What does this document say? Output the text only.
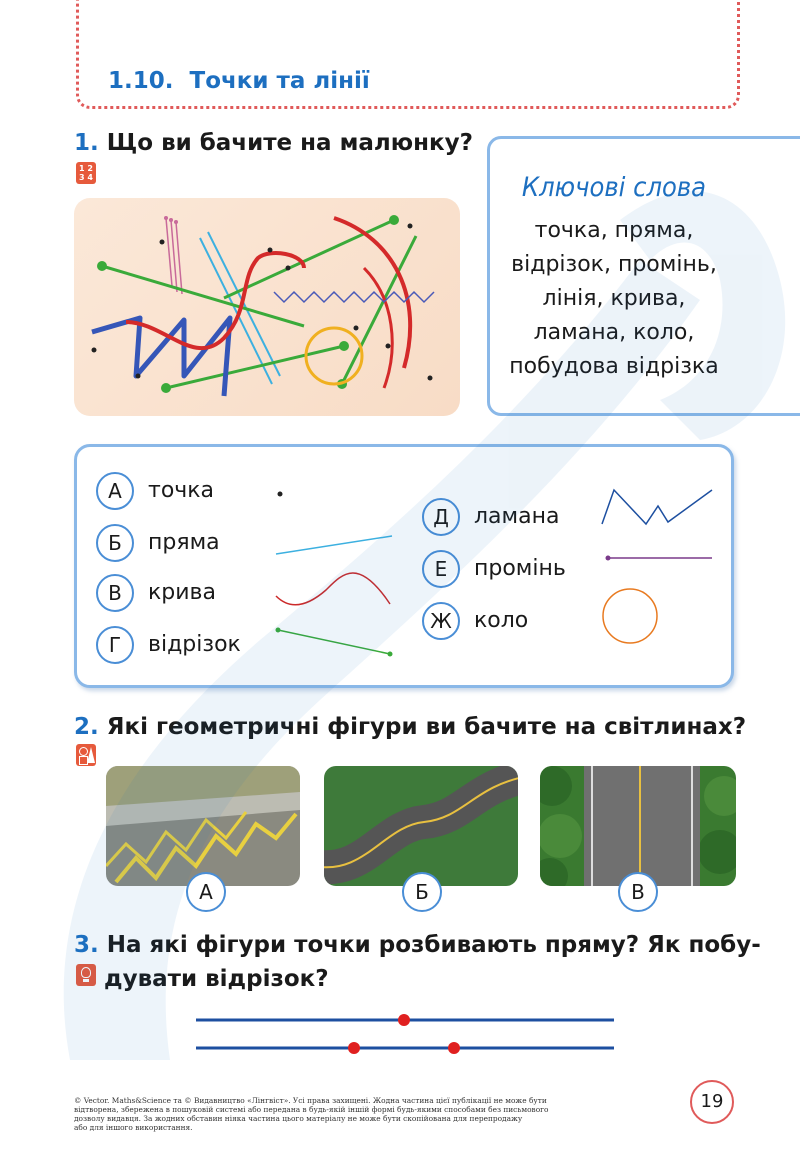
1.10. Точки та лінії
1. Що ви бачите на малюнку?
1 2
3 4	Ключові слова
точка, пряма,
відрізок, промінь,
лінія, крива,
ламана, коло,
побудова відрізка
А	точка
Б	пряма
В	крива
Г	відрізок
Д	ламана
Е	промінь
Ж	коло
2. Які геометричні фігури ви бачите на світлинах?
А	Б	В
3. На які фігури точки розбивають пряму? Як побу-
дувати відрізок?
© Vector. Maths&Science та © Видавництво «Лінгвіст». Усі права захищені. Жодна частина цієї публікації не може бути
відтворена, збережена в пошуковій системі або передана в будь-якій іншій формі будь-якими способами без письмового
дозволу видавця. За жодних обставин ніяка частина цього матеріалу не може бути скопійована для перепродажу
або для іншого використання.
19
